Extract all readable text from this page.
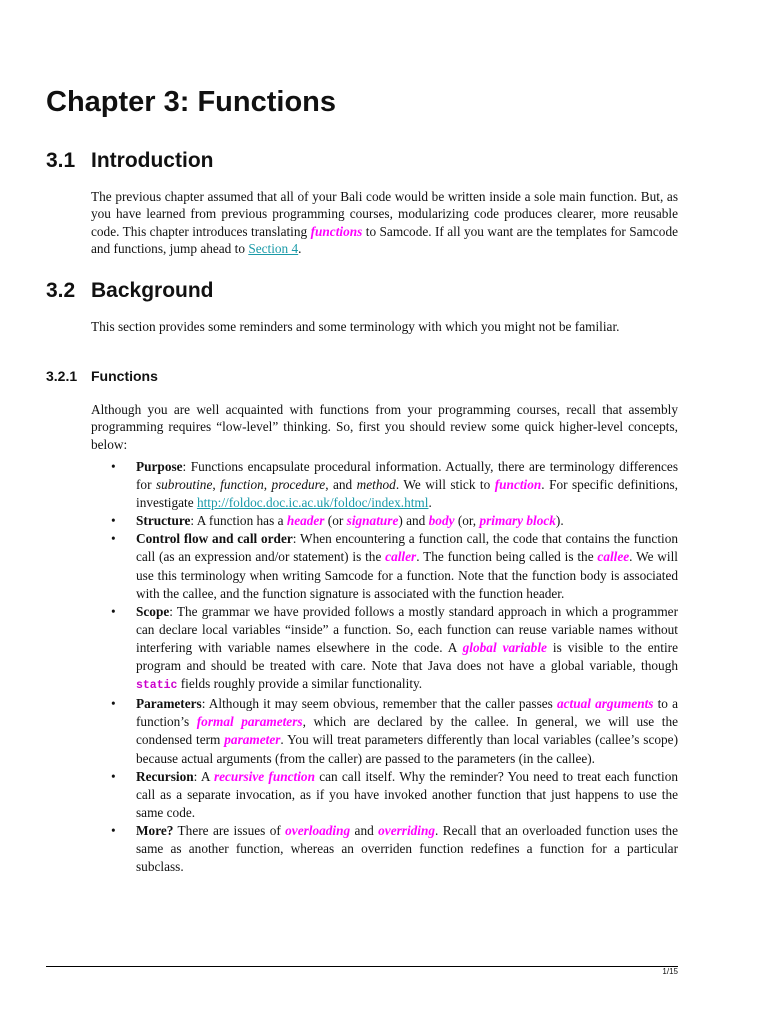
Chapter 3: Functions
3.1 Introduction

The previous chapter assumed that all of your Bali code would be written inside a sole main function. But, as you have learned from previous programming courses, modularizing code produces clearer, more reusable code. This chapter introduces translating functions to Samcode. If all you want are the templates for Samcode and functions, jump ahead to Section 4.

3.2 Background

This section provides some reminders and some terminology with which you might not be familiar.

3.2.1 Functions

Although you are well acquainted with functions from your programming courses, recall that assembly programming requires “low-level” thinking. So, first you should review some quick higher-level concepts, below:

• Purpose: Functions encapsulate procedural information. Actually, there are terminology differences for subroutine, function, procedure, and method. We will stick to function. For specific definitions, investigate http://foldoc.doc.ic.ac.uk/foldoc/index.html.
• Structure: A function has a header (or signature) and body (or, primary block).
• Control flow and call order: When encountering a function call, the code that contains the function call (as an expression and/or statement) is the caller. The function being called is the callee. We will use this terminology when writing Samcode for a function. Note that the function body is associated with the callee, and the function signature is associated with the function header.
• Scope: The grammar we have provided follows a mostly standard approach in which a programmer can declare local variables “inside” a function. So, each function can reuse variable names without interfering with variable names elsewhere in the code. A global variable is visible to the entire program and should be treated with care. Note that Java does not have a global variable, though static fields roughly provide a similar functionality.
• Parameters: Although it may seem obvious, remember that the caller passes actual arguments to a function’s formal parameters, which are declared by the callee. In general, we will use the condensed term parameter. You will treat parameters differently than local variables (callee’s scope) because actual arguments (from the caller) are passed to the parameters (in the callee).
• Recursion: A recursive function can call itself. Why the reminder? You need to treat each function call as a separate invocation, as if you have invoked another function that just happens to use the same code.
• More? There are issues of overloading and overriding. Recall that an overloaded function uses the same as another function, whereas an overriden function redefines a function for a particular subclass.
1/15
